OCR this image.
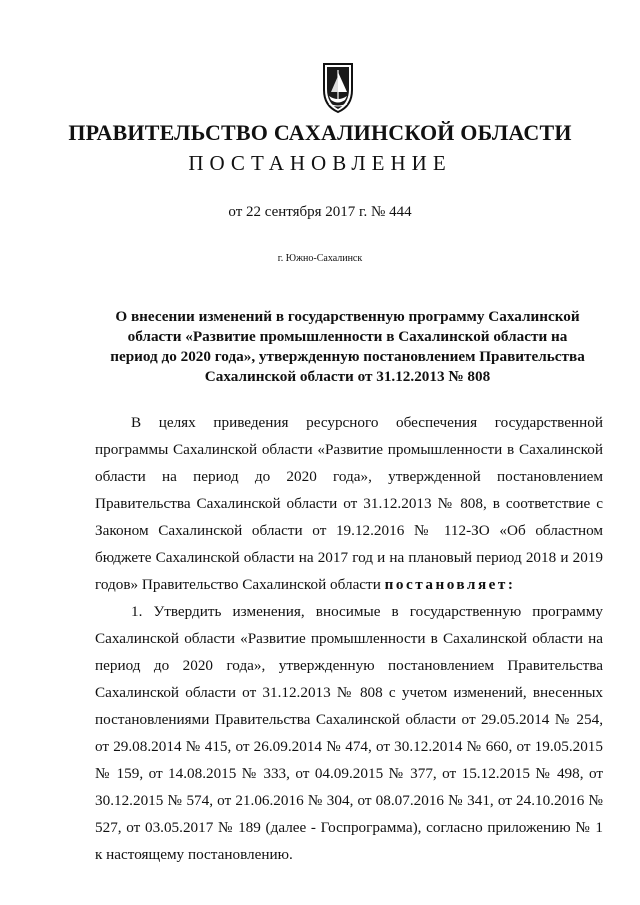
ПРАВИТЕЛЬСТВО САХАЛИНСКОЙ ОБЛАСТИ
ПОСТАНОВЛЕНИЕ
от 22 сентября 2017 г. № 444
г. Южно-Сахалинск
О внесении изменений в государственную программу Сахалинской
области «Развитие промышленности в Сахалинской области на
период до 2020 года», утвержденную постановлением Правительства
Сахалинской области от 31.12.2013 № 808
В целях приведения ресурсного обеспечения государственной
программы Сахалинской области «Развитие промышленности в Сахалинской
области на период до 2020 года», утвержденной постановлением
Правительства Сахалинской области от 31.12.2013 № 808, в соответствие с
Законом Сахалинской области от 19.12.2016 № 112-ЗО «Об областном
бюджете Сахалинской области на 2017 год и на плановый период 2018 и 2019
годов» Правительство Сахалинской области постановляет:
1. Утвердить изменения, вносимые в государственную программу
Сахалинской области «Развитие промышленности в Сахалинской области на
период до 2020 года», утвержденную постановлением Правительства
Сахалинской области от 31.12.2013 № 808 с учетом изменений, внесенных
постановлениями Правительства Сахалинской области от 29.05.2014 № 254,
от 29.08.2014 № 415, от 26.09.2014 № 474, от 30.12.2014 № 660, от 19.05.2015
№ 159, от 14.08.2015 № 333, от 04.09.2015 № 377, от 15.12.2015 № 498, от
30.12.2015 № 574, от 21.06.2016 № 304, от 08.07.2016 № 341, от 24.10.2016 №
527, от 03.05.2017 № 189 (далее - Госпрограмма), согласно приложению № 1
к настоящему постановлению.
